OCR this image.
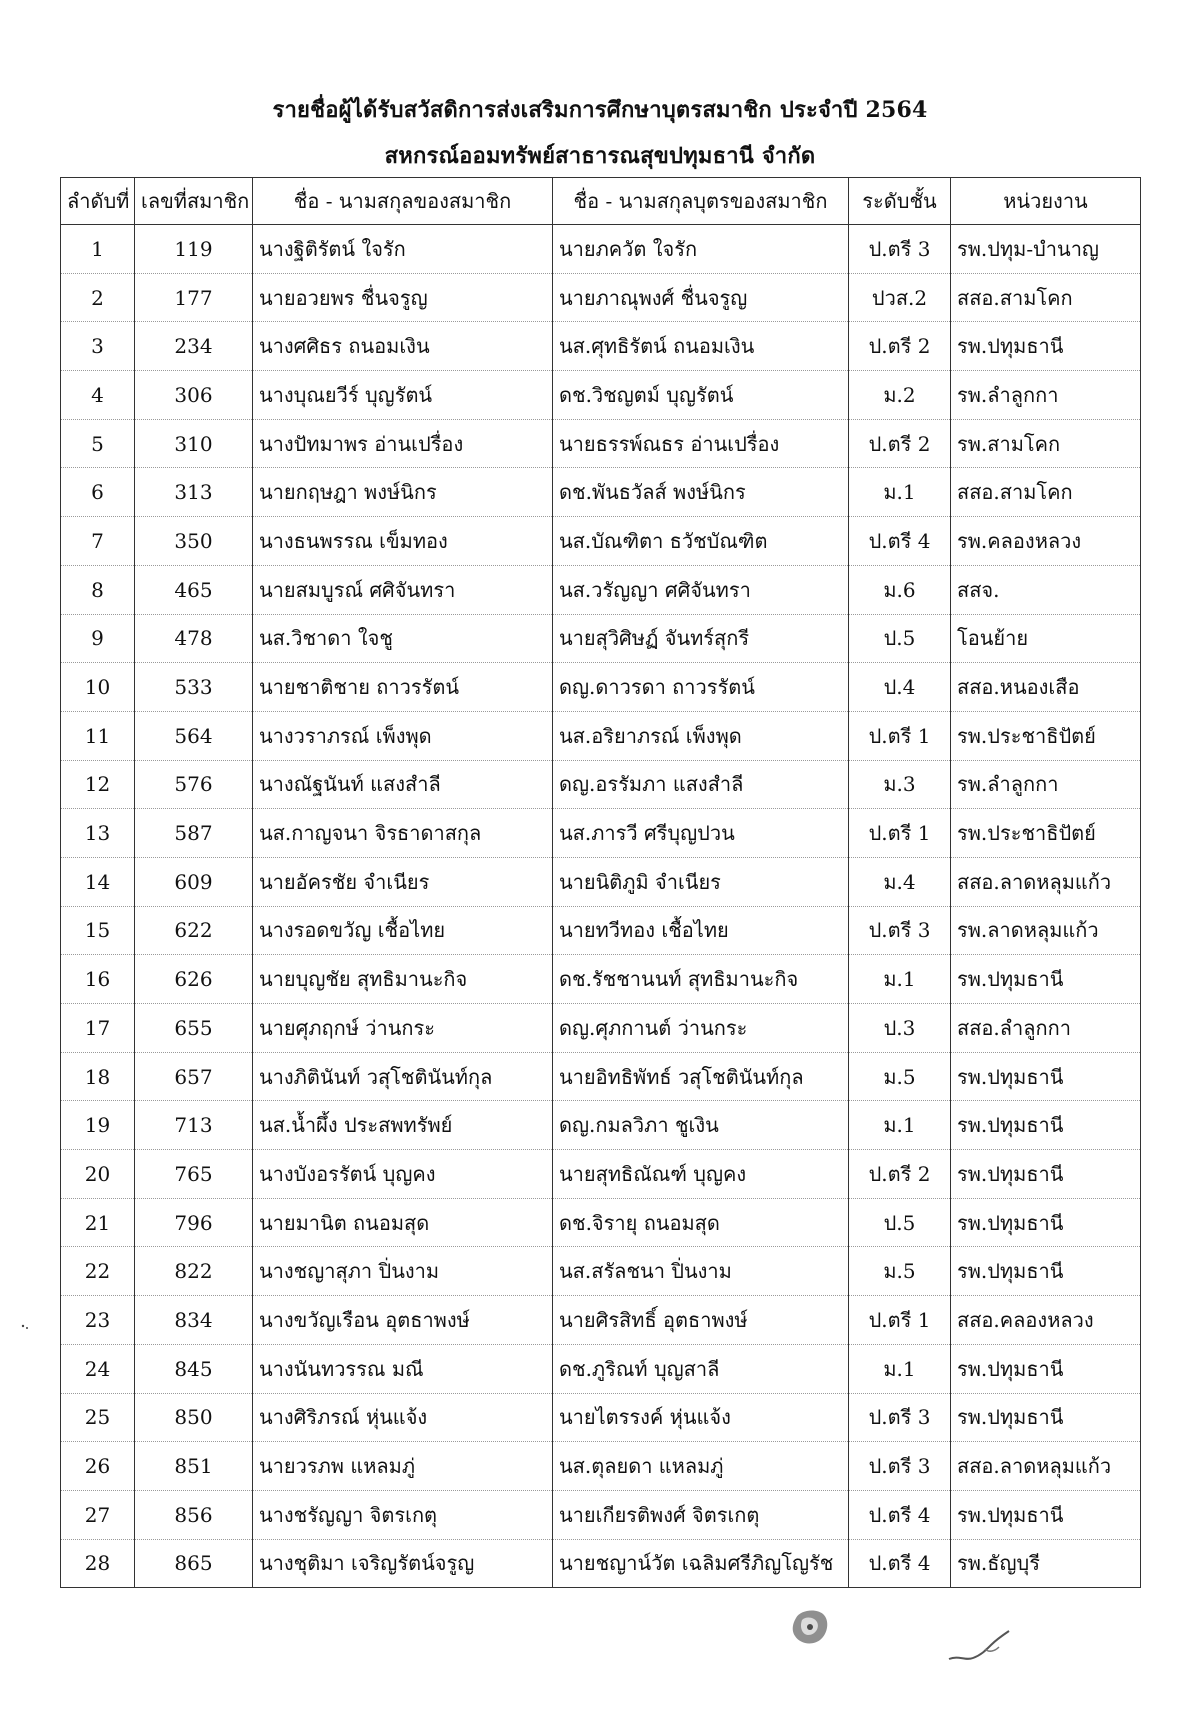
รายชื่อผู้ได้รับสวัสดิการส่งเสริมการศึกษาบุตรสมาชิก ประจำปี 2564
สหกรณ์ออมทรัพย์สาธารณสุขปทุมธานี จำกัด
ลำดับที่	เลขที่สมาชิก	ชื่อ - นามสกุลของสมาชิก	ชื่อ - นามสกุลบุตรของสมาชิก	ระดับชั้น	หน่วยงาน
1	119	นางฐิติรัตน์ ใจรัก	นายภควัต ใจรัก	ป.ตรี 3	รพ.ปทุม-บำนาญ
2	177	นายอวยพร ชื่นจรูญ	นายภาณุพงศ์ ชื่นจรูญ	ปวส.2	สสอ.สามโคก
3	234	นางศศิธร ถนอมเงิน	นส.ศุทธิรัตน์ ถนอมเงิน	ป.ตรี 2	รพ.ปทุมธานี
4	306	นางบุณยวีร์ บุญรัตน์	ดช.วิชญตม์ บุญรัตน์	ม.2	รพ.ลำลูกกา
5	310	นางปัทมาพร อ่านเปรื่อง	นายธรรพ์ณธร อ่านเปรื่อง	ป.ตรี 2	รพ.สามโคก
6	313	นายกฤษฎา พงษ์นิกร	ดช.พันธวัลส์ พงษ์นิกร	ม.1	สสอ.สามโคก
7	350	นางธนพรรณ เข็มทอง	นส.บัณฑิตา ธวัชบัณฑิต	ป.ตรี 4	รพ.คลองหลวง
8	465	นายสมบูรณ์ ศศิจันทรา	นส.วรัญญา ศศิจันทรา	ม.6	สสจ.
9	478	นส.วิชาดา ใจชู	นายสุวิศิษฏ์ จันทร์สุกรี	ป.5	โอนย้าย
10	533	นายชาติชาย ถาวรรัตน์	ดญ.ดาวรดา ถาวรรัตน์	ป.4	สสอ.หนองเสือ
11	564	นางวราภรณ์ เพ็งพุด	นส.อริยาภรณ์ เพ็งพุด	ป.ตรี 1	รพ.ประชาธิปัตย์
12	576	นางณัฐนันท์ แสงสำลี	ดญ.อรรัมภา แสงสำลี	ม.3	รพ.ลำลูกกา
13	587	นส.กาญจนา จิรธาดาสกุล	นส.ภารวี ศรีบุญปวน	ป.ตรี 1	รพ.ประชาธิปัตย์
14	609	นายอัครชัย จำเนียร	นายนิติภูมิ จำเนียร	ม.4	สสอ.ลาดหลุมแก้ว
15	622	นางรอดขวัญ เชื้อไทย	นายทวีทอง เชื้อไทย	ป.ตรี 3	รพ.ลาดหลุมแก้ว
16	626	นายบุญชัย สุทธิมานะกิจ	ดช.รัชชานนท์ สุทธิมานะกิจ	ม.1	รพ.ปทุมธานี
17	655	นายศุภฤกษ์ ว่านกระ	ดญ.ศุภกานต์ ว่านกระ	ป.3	สสอ.ลำลูกกา
18	657	นางภิตินันท์ วสุโชตินันท์กุล	นายอิทธิพัทธ์ วสุโชตินันท์กุล	ม.5	รพ.ปทุมธานี
19	713	นส.น้ำผึ้ง ประสพทรัพย์	ดญ.กมลวิภา ชูเงิน	ม.1	รพ.ปทุมธานี
20	765	นางบังอรรัตน์ บุญคง	นายสุทธิณัณฑ์ บุญคง	ป.ตรี 2	รพ.ปทุมธานี
21	796	นายมานิต ถนอมสุด	ดช.จิรายุ ถนอมสุด	ป.5	รพ.ปทุมธานี
22	822	นางชญาสุภา ปิ่นงาม	นส.สรัลชนา ปิ่นงาม	ม.5	รพ.ปทุมธานี
23	834	นางขวัญเรือน อุตธาพงษ์	นายศิรสิทธิ์ อุตธาพงษ์	ป.ตรี 1	สสอ.คลองหลวง
24	845	นางนันทวรรณ มณี	ดช.ภูริณท์ บุญสาลี	ม.1	รพ.ปทุมธานี
25	850	นางศิริภรณ์ หุ่นแจ้ง	นายไตรรงค์ หุ่นแจ้ง	ป.ตรี 3	รพ.ปทุมธานี
26	851	นายวรภพ แหลมภู่	นส.ตุลยดา แหลมภู่	ป.ตรี 3	สสอ.ลาดหลุมแก้ว
27	856	นางชรัญญา จิตรเกตุ	นายเกียรติพงศ์ จิตรเกตุ	ป.ตรี 4	รพ.ปทุมธานี
28	865	นางชุติมา เจริญรัตน์จรูญ	นายชญาน์วัต เฉลิมศรีภิญโญรัช	ป.ตรี 4	รพ.ธัญบุรี
